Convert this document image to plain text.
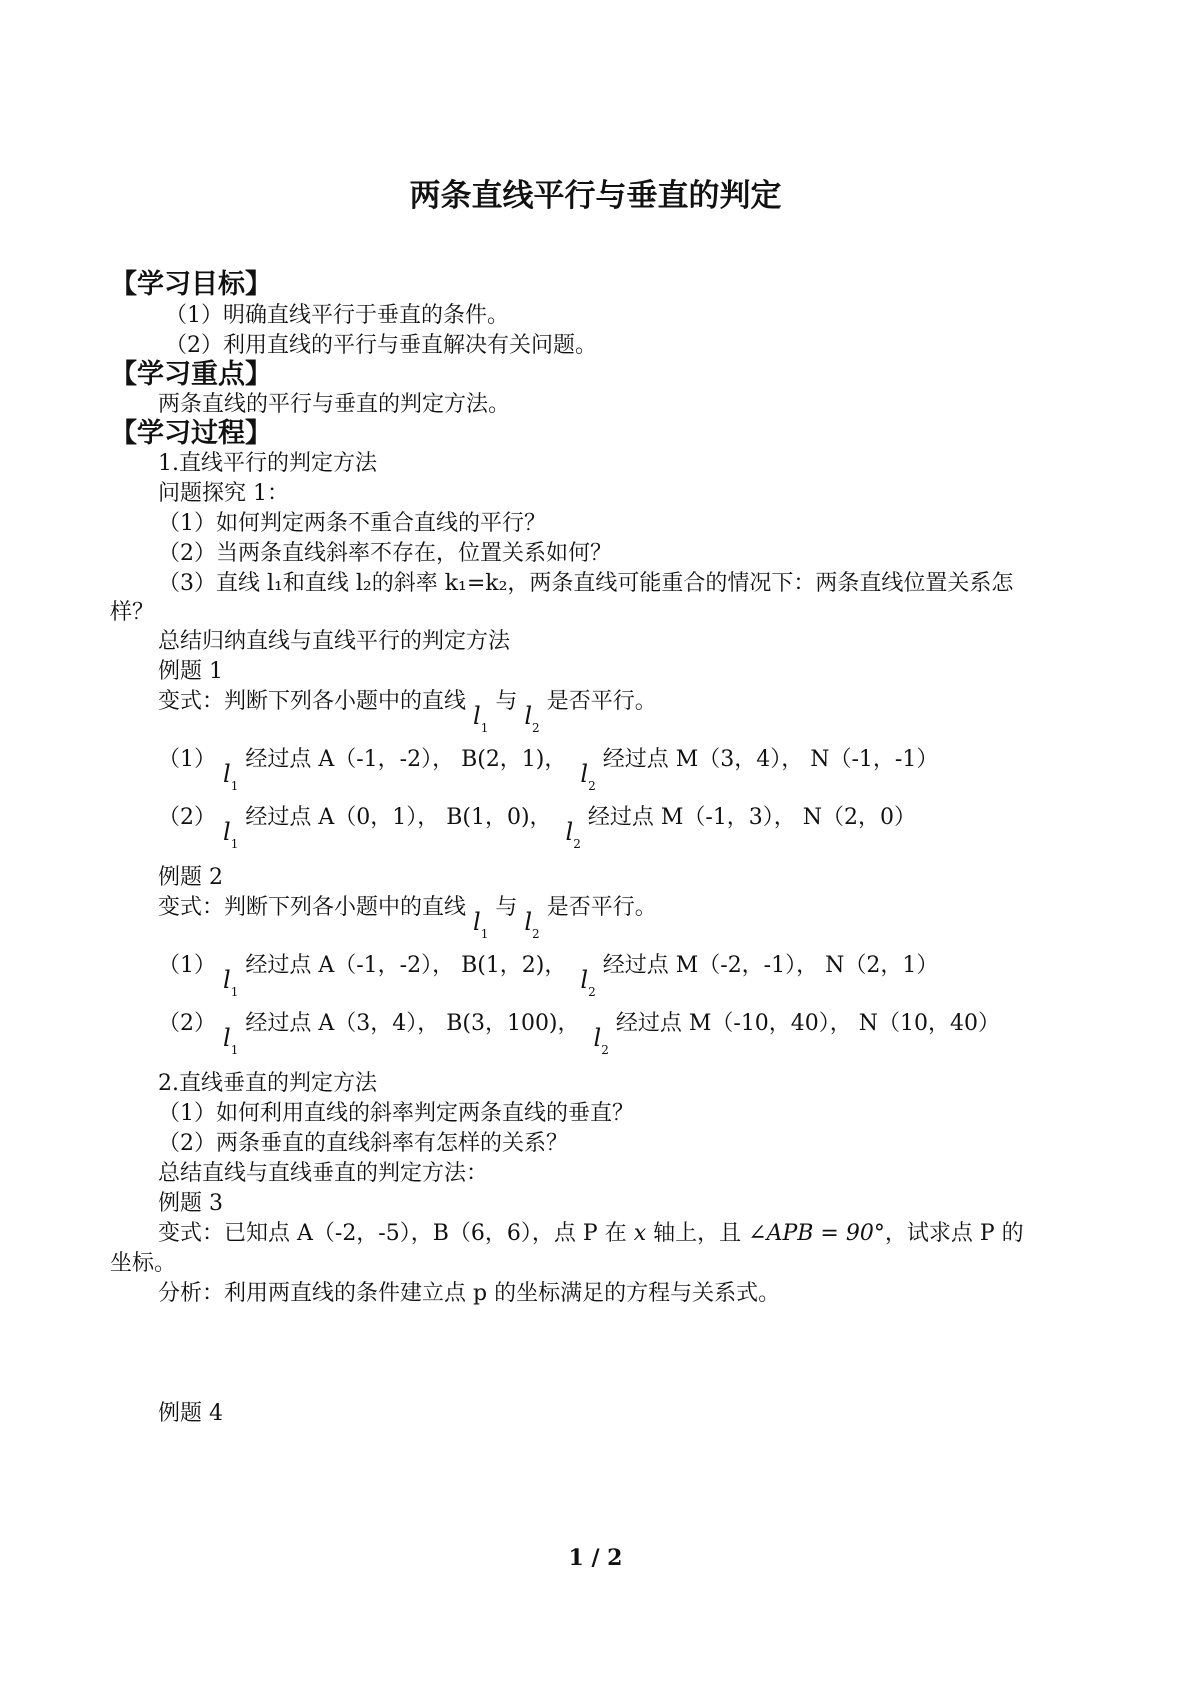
两条直线平行与垂直的判定
【学习目标】
（1）明确直线平行于垂直的条件。
（2）利用直线的平行与垂直解决有关问题。
【学习重点】
两条直线的平行与垂直的判定方法。
【学习过程】
1.直线平行的判定方法
问题探究 1：
（1）如何判定两条不重合直线的平行？
（2）当两条直线斜率不存在，位置关系如何？
（3）直线 l₁和直线 l₂的斜率 k₁=k₂，两条直线可能重合的情况下：两条直线位置关系怎
样？
总结归纳直线与直线平行的判定方法
例题 1
变式：判断下列各小题中的直线 $l_1$ 与 $l_2$ 是否平行。
（1） $l_1$ 经过点 A（-1，-2）， B(2，1)，  $l_2$ 经过点 M（3，4）， N（-1，-1）
（2） $l_1$ 经过点 A（0，1）， B(1，0)，  $l_2$ 经过点 M（-1，3）， N（2，0）
例题 2
变式：判断下列各小题中的直线 $l_1$ 与 $l_2$ 是否平行。
（1） $l_1$ 经过点 A（-1，-2）， B(1，2)，  $l_2$ 经过点 M（-2，-1）， N（2，1）
（2） $l_1$ 经过点 A（3，4）， B(3，100)，  $l_2$ 经过点 M（-10，40）， N（10，40）
2.直线垂直的判定方法
（1）如何利用直线的斜率判定两条直线的垂直？
（2）两条垂直的直线斜率有怎样的关系？
总结直线与直线垂直的判定方法：
例题 3
变式：已知点 A（-2，-5），B（6，6），点 P 在 x 轴上，且 ∠APB = 90°，试求点 P 的
坐标。
分析：利用两直线的条件建立点 p 的坐标满足的方程与关系式。
例题 4
1 / 2
